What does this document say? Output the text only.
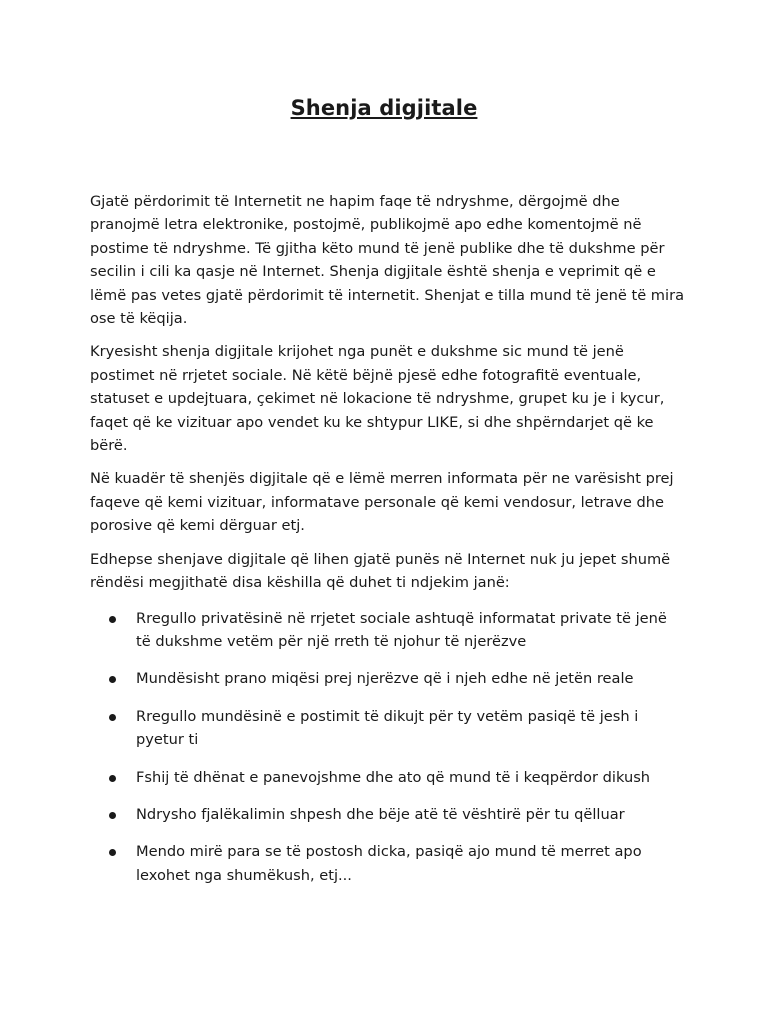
Shenja digjitale

Gjatë përdorimit të Internetit ne hapim faqe të ndryshme, dërgojmë dhe pranojmë letra elektronike, postojmë, publikojmë apo edhe komentojmë në postime të ndryshme. Të gjitha këto mund të jenë publike dhe të dukshme për secilin i cili ka qasje në Internet. Shenja digjitale është shenja e veprimit që e lëmë pas vetes gjatë përdorimit të internetit. Shenjat e tilla mund të jenë të mira ose të këqija.

Kryesisht shenja digjitale krijohet nga punët e dukshme sic mund të jenë postimet në rrjetet sociale. Në këtë bëjnë pjesë edhe fotografitë eventuale, statuset e updejtuara, çekimet në lokacione të ndryshme, grupet ku je i kycur, faqet që ke vizituar apo vendet ku ke shtypur LIKE, si dhe shpërndarjet që ke bërë.

Në kuadër të shenjës digjitale që e lëmë merren informata për ne varësisht prej faqeve që kemi vizituar, informatave personale që kemi vendosur, letrave dhe porosive që kemi dërguar etj.

Edhepse shenjave digjitale që lihen gjatë punës në Internet nuk ju jepet shumë rëndësi megjithatë disa këshilla që duhet ti ndjekim janë:

Rregullo privatësinë në rrjetet sociale ashtuqë informatat private të jenë të dukshme vetëm për një rreth të njohur të njerëzve
Mundësisht prano miqësi prej njerëzve që i njeh edhe në jetën reale
Rregullo mundësinë e postimit të dikujt për ty vetëm pasiqë të jesh i pyetur ti
Fshij të dhënat e panevojshme dhe ato që mund të i keqpërdor dikush
Ndrysho fjalëkalimin shpesh dhe bëje atë të vështirë për tu qëlluar
Mendo mirë para se të postosh dicka, pasiqë ajo mund të merret apo lexohet nga shumëkush, etj...
